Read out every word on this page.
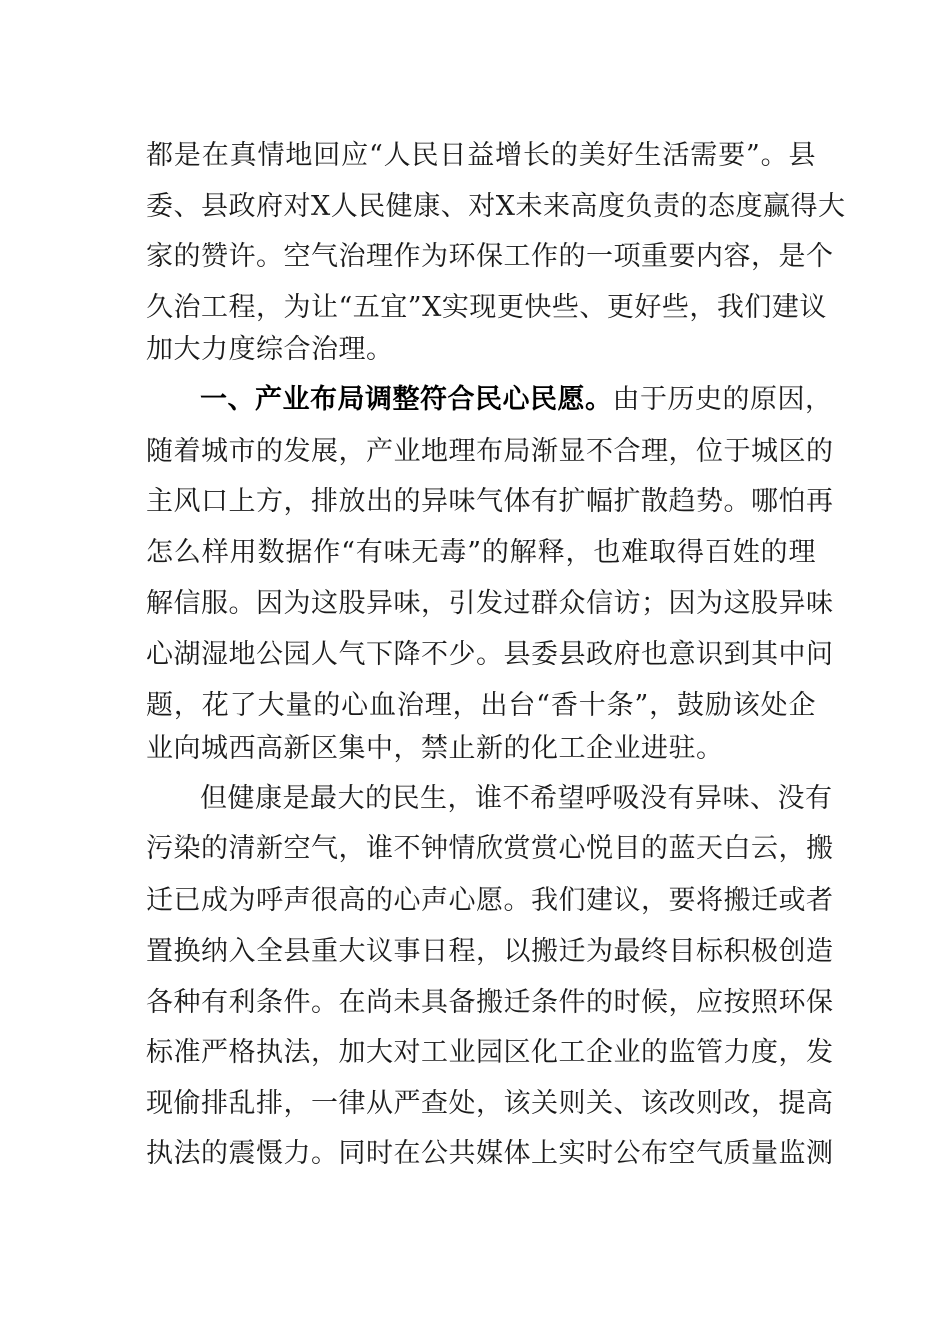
都是在真情地回应“人民日益增长的美好生活需要”。县
委、县政府对X人民健康、对X未来高度负责的态度赢得大
家的赞许。空气治理作为环保工作的一项重要内容，是个
久治工程，为让“五宜”X实现更快些、更好些，我们建议
加大力度综合治理。
一、产业布局调整符合民心民愿。由于历史的原因，
随着城市的发展，产业地理布局渐显不合理，位于城区的
主风口上方，排放出的异味气体有扩幅扩散趋势。哪怕再
怎么样用数据作“有味无毒”的解释，也难取得百姓的理
解信服。因为这股异味，引发过群众信访；因为这股异味
心湖湿地公园人气下降不少。县委县政府也意识到其中问
题，花了大量的心血治理，出台“香十条”，鼓励该处企
业向城西高新区集中，禁止新的化工企业进驻。
但健康是最大的民生，谁不希望呼吸没有异味、没有
污染的清新空气，谁不钟情欣赏赏心悦目的蓝天白云，搬
迁已成为呼声很高的心声心愿。我们建议，要将搬迁或者
置换纳入全县重大议事日程，以搬迁为最终目标积极创造
各种有利条件。在尚未具备搬迁条件的时候，应按照环保
标准严格执法，加大对工业园区化工企业的监管力度，发
现偷排乱排，一律从严查处，该关则关、该改则改，提高
执法的震慑力。同时在公共媒体上实时公布空气质量监测
